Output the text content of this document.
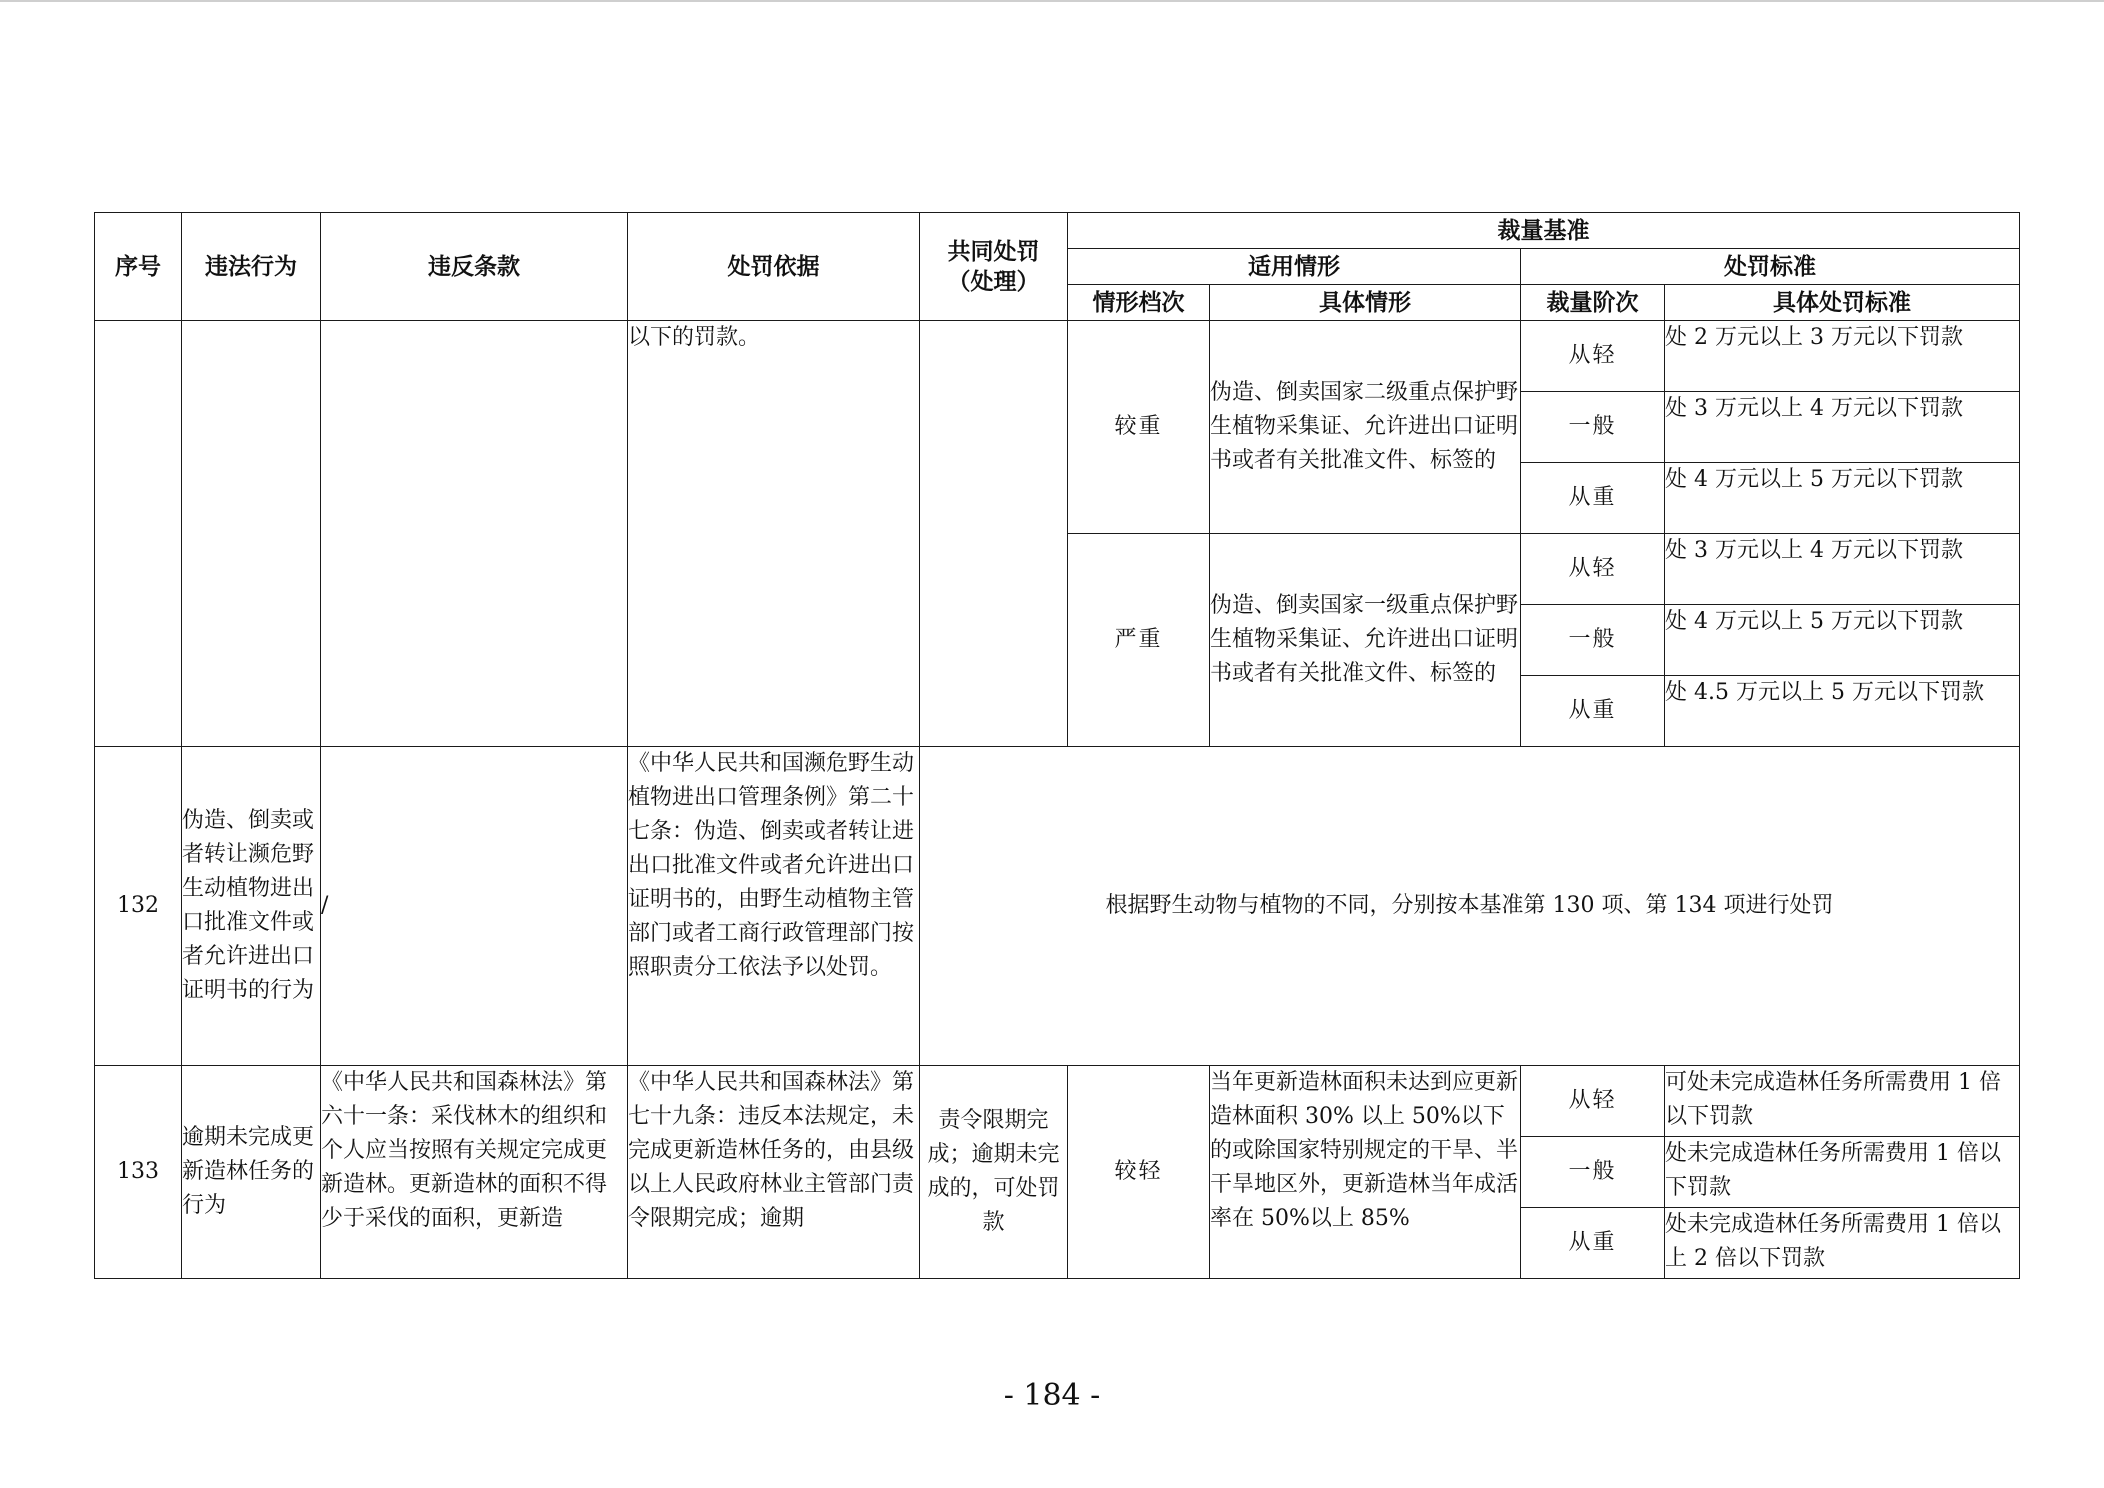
序号	违法行为	违反条款	处罚依据	共同处罚（处理）	裁量基准			
					适用情形		处罚标准	
					情形档次	具体情形	裁量阶次	具体处罚标准
			以下的罚款。		较重	伪造、倒卖国家二级重点保护野生植物采集证、允许进出口证明书或者有关批准文件、标签的	从轻	处 2 万元以上 3 万元以下罚款
							一般	处 3 万元以上 4 万元以下罚款
							从重	处 4 万元以上 5 万元以下罚款
					严重	伪造、倒卖国家一级重点保护野生植物采集证、允许进出口证明书或者有关批准文件、标签的	从轻	处 3 万元以上 4 万元以下罚款
							一般	处 4 万元以上 5 万元以下罚款
							从重	处 4.5 万元以上 5 万元以下罚款
132	伪造、倒卖或者转让濒危野生动植物进出口批准文件或者允许进出口证明书的行为	/	《中华人民共和国濒危野生动植物进出口管理条例》第二十七条：伪造、倒卖或者转让进出口批准文件或者允许进出口证明书的，由野生动植物主管部门或者工商行政管理部门按照职责分工依法予以处罚。	根据野生动物与植物的不同，分别按本基准第 130 项、第 134 项进行处罚				
133	逾期未完成更新造林任务的行为	《中华人民共和国森林法》第六十一条：采伐林木的组织和个人应当按照有关规定完成更新造林。更新造林的面积不得少于采伐的面积，更新造	《中华人民共和国森林法》第七十九条：违反本法规定，未完成更新造林任务的，由县级以上人民政府林业主管部门责令限期完成；逾期	责令限期完成；逾期未完成的，可处罚款	较轻	当年更新造林面积未达到应更新造林面积 30% 以上 50%以下的或除国家特别规定的干旱、半干旱地区外，更新造林当年成活率在 50%以上 85%	从轻	可处未完成造林任务所需费用 1 倍以下罚款
							一般	处未完成造林任务所需费用 1 倍以下罚款
							从重	处未完成造林任务所需费用 1 倍以上 2 倍以下罚款
- 184 -
